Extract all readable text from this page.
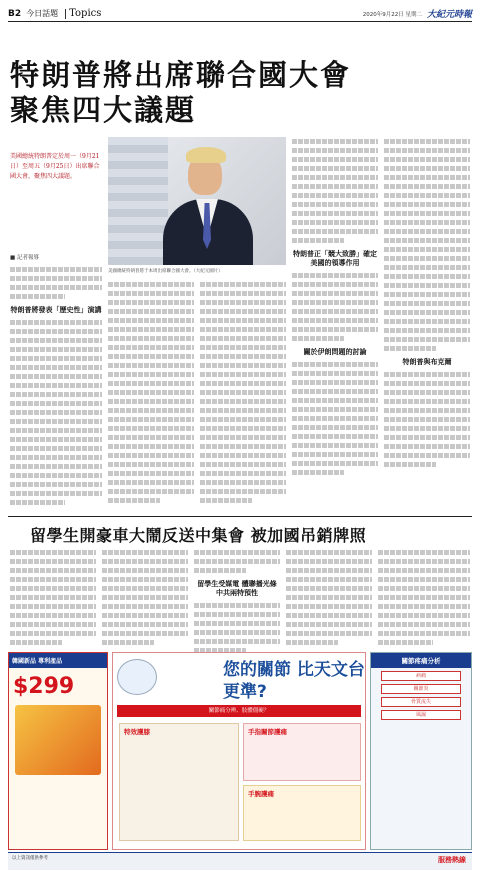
B2 今日話題 Topics	2020年9月22日 星期二 大紀元時報
特朗普將出席聯合國大會
聚焦四大議題
美國總統特朗普定於周一（9月21日）至周五（9月25日）出席聯合國大會，聚焦四大議題。
■ 記者報導
美國總統特朗普將于本周出席聯合國大會。（大紀元圖片）
特朗普將發表「歷史性」演講
特朗普正「競大致勝」確定美國的領導作用
關於伊朗問題的討論
特朗普與布克爾
留學生開豪車大鬧反送中集會 被加國吊銷牌照
留學生受媒電 體聯播光條中共兩特預性
韓國新品 專利產品
$299
您的關節 比天文台更準?
關節痛分辨、肢體僵硬？
特效護膝	手指關節護痛
手腕護痛
關節疼痛分析
病痛
關節炎
骨質流失
風濕
以上資訊僅供參考	服務熱線
